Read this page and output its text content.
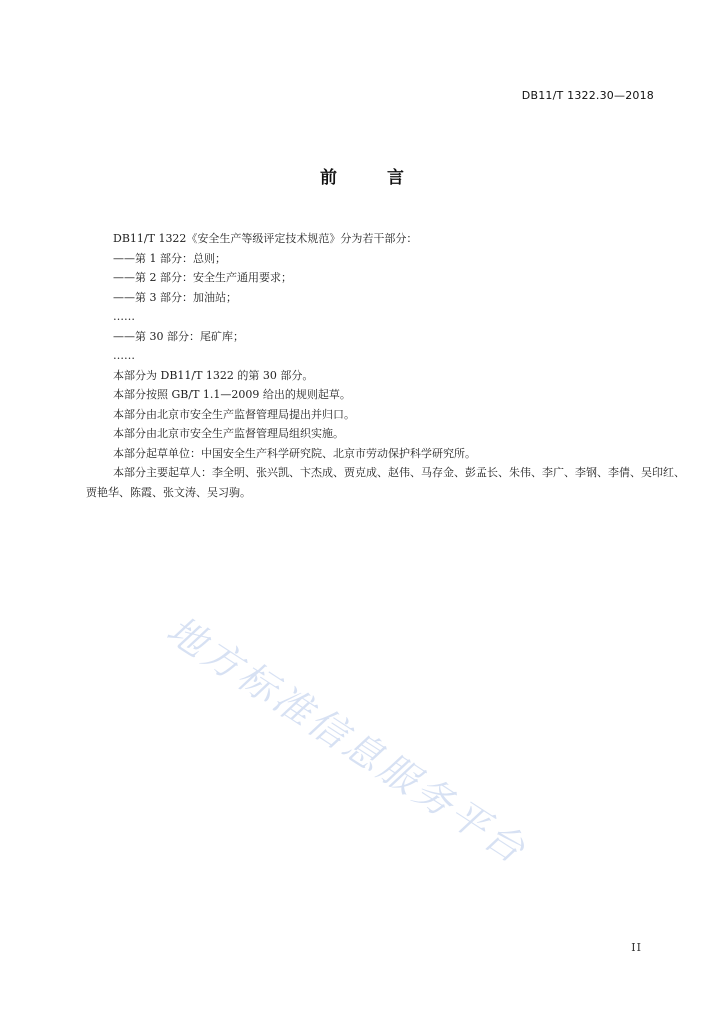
DB11/T 1322.30—2018
前 言
DB11/T 1322《安全生产等级评定技术规范》分为若干部分：
——第 1 部分：总则；
——第 2 部分：安全生产通用要求；
——第 3 部分：加油站；
……
——第 30 部分：尾矿库；
……
本部分为 DB11/T 1322 的第 30 部分。
本部分按照 GB/T 1.1—2009 给出的规则起草。
本部分由北京市安全生产监督管理局提出并归口。
本部分由北京市安全生产监督管理局组织实施。
本部分起草单位：中国安全生产科学研究院、北京市劳动保护科学研究所。
本部分主要起草人：李全明、张兴凯、卞杰成、贾克成、赵伟、马存金、彭孟长、朱伟、李广、李钢、李倩、吴印红、贾艳华、陈霞、张文涛、吴习驹。
地方标准信息服务平台
II
